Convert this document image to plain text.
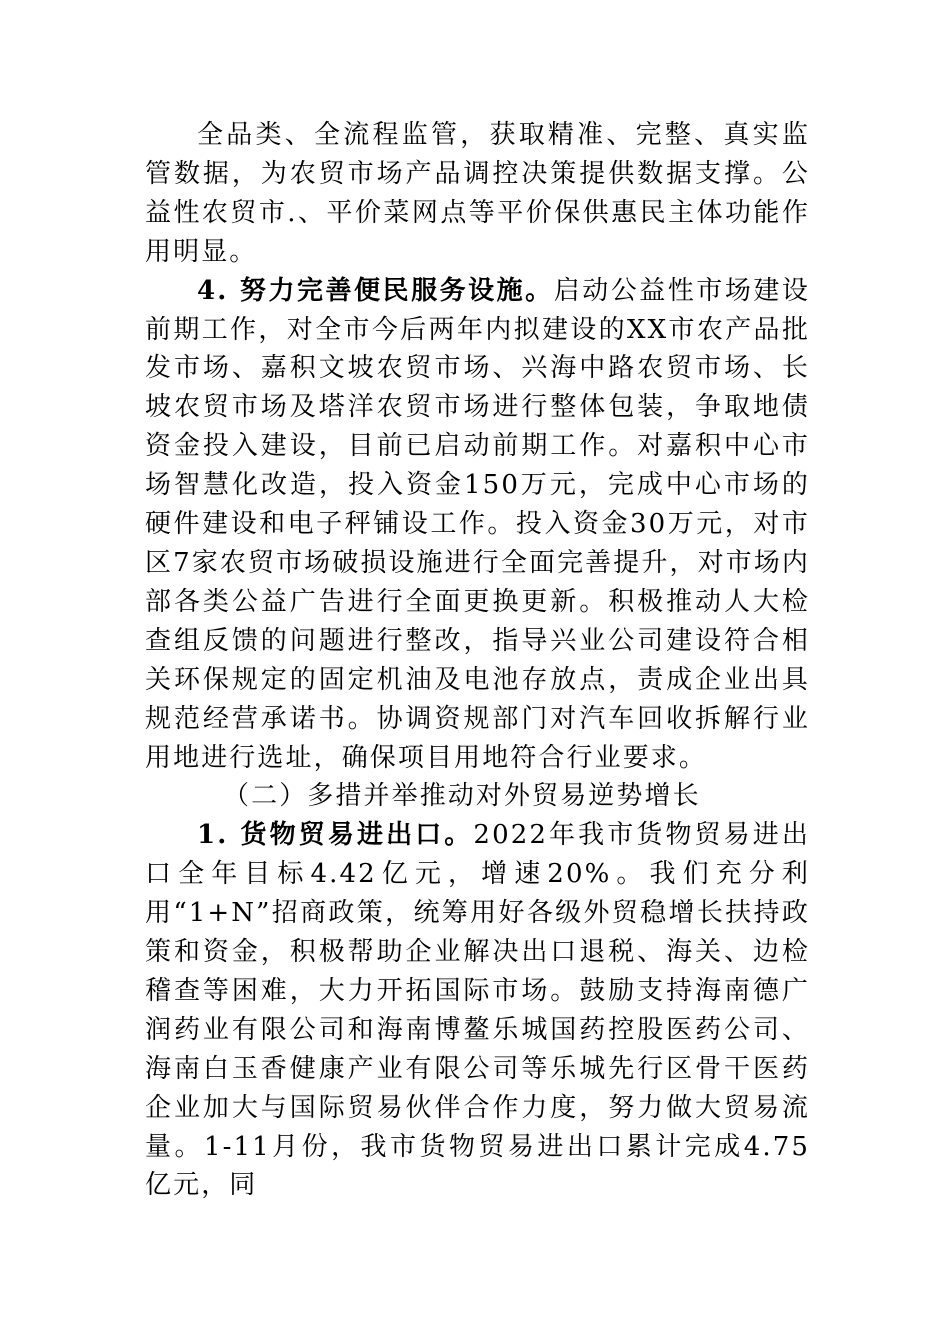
全品类、全流程监管，获取精准、完整、真实监管数据，为农贸市场产品调控决策提供数据支撑。公益性农贸市.、平价菜网点等平价保供惠民主体功能作用明显。

4. 努力完善便民服务设施。启动公益性市场建设前期工作，对全市今后两年内拟建设的XX市农产品批发市场、嘉积文坡农贸市场、兴海中路农贸市场、长坡农贸市场及塔洋农贸市场进行整体包装，争取地债资金投入建设，目前已启动前期工作。对嘉积中心市场智慧化改造，投入资金150万元，完成中心市场的硬件建设和电子秤铺设工作。投入资金30万元，对市区7家农贸市场破损设施进行全面完善提升，对市场内部各类公益广告进行全面更换更新。积极推动人大检查组反馈的问题进行整改，指导兴业公司建设符合相关环保规定的固定机油及电池存放点，责成企业出具规范经营承诺书。协调资规部门对汽车回收拆解行业用地进行选址，确保项目用地符合行业要求。

（二）多措并举推动对外贸易逆势增长

1. 货物贸易进出口。2022年我市货物贸易进出口全年目标4.42亿元，增速20%。我们充分利用“1+N”招商政策，统筹用好各级外贸稳增长扶持政策和资金，积极帮助企业解决出口退税、海关、边检稽查等困难，大力开拓国际市场。鼓励支持海南德广润药业有限公司和海南博鳌乐城国药控股医药公司、海南白玉香健康产业有限公司等乐城先行区骨干医药企业加大与国际贸易伙伴合作力度，努力做大贸易流量。1-11月份，我市货物贸易进出口累计完成4.75亿元，同
